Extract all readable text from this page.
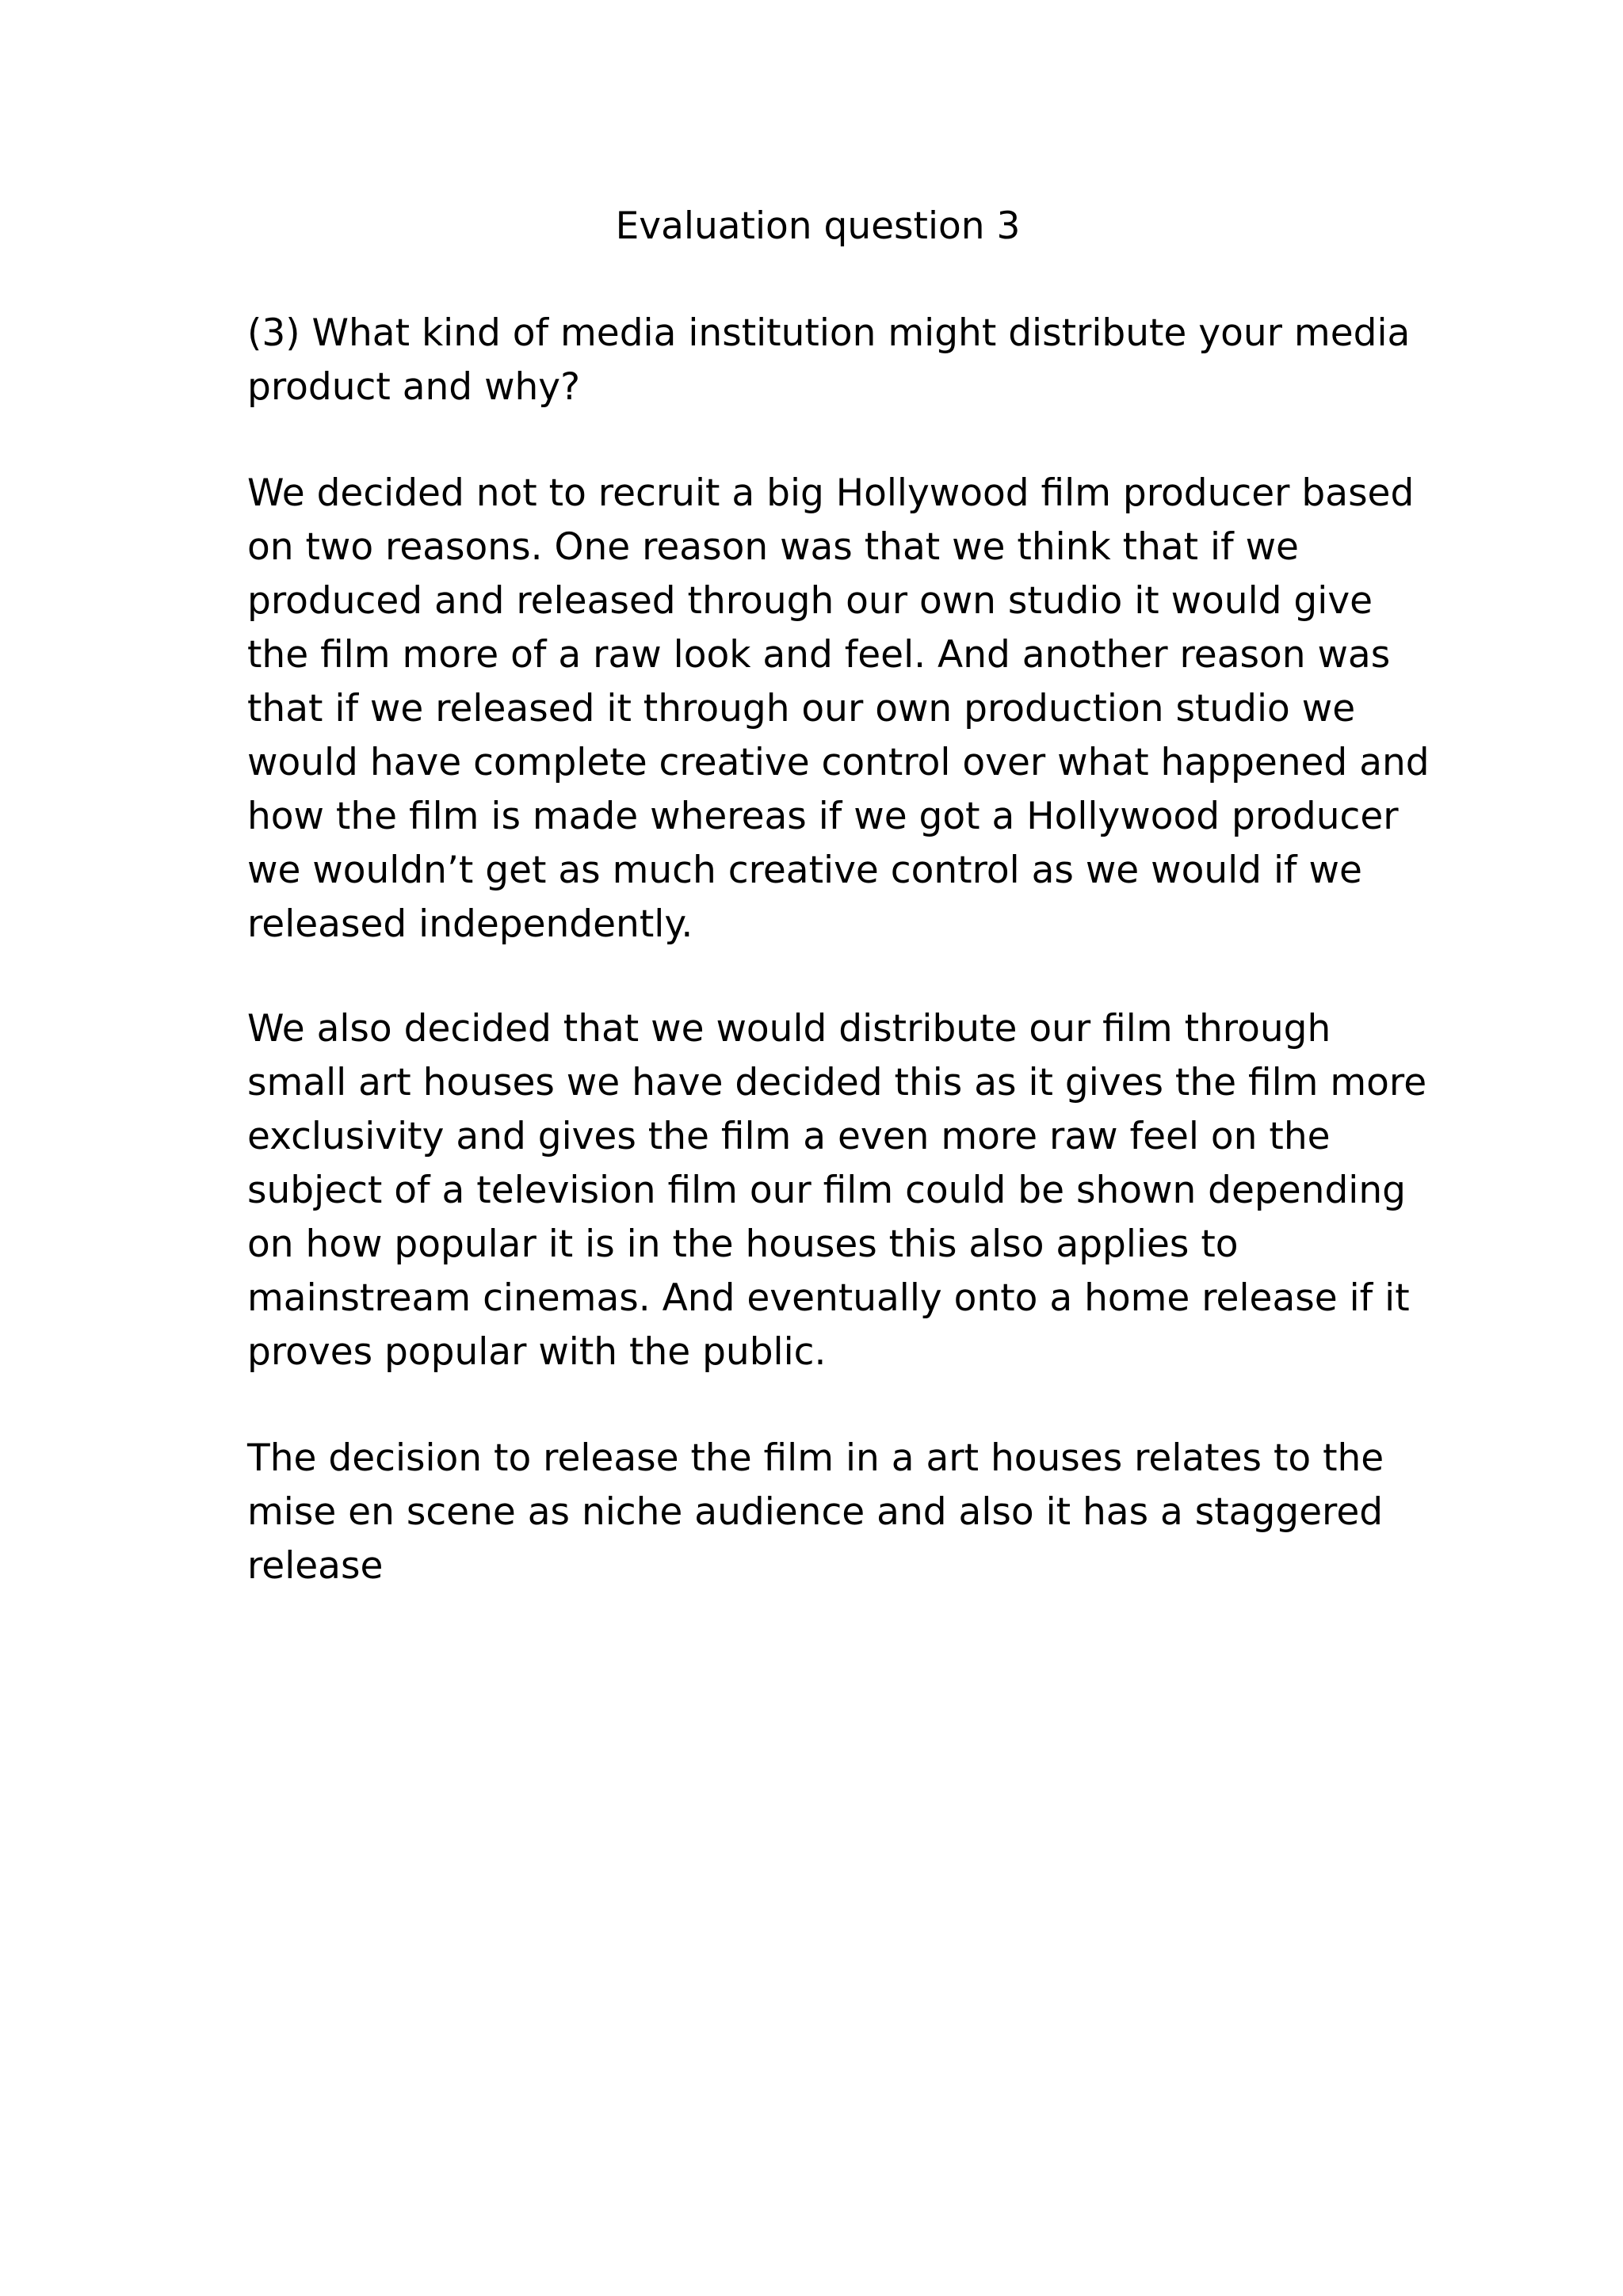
Evaluation question 3
(3) What kind of media institution might distribute your media
product and why?
We decided not to recruit a big Hollywood film producer based
on two reasons. One reason was that we think that if we
produced and released through our own studio it would give
the film more of a raw look and feel. And another reason was
that if we released it through our own production studio we
would have complete creative control over what happened and
how the film is made whereas if we got a Hollywood producer
we wouldn’t get as much creative control as we would if we
released independently.
We also decided that we would distribute our film through
small art houses we have decided this as it gives the film more
exclusivity and gives the film a even more raw feel on the
subject of a television film our film could be shown depending
on how popular it is in the houses this also applies to
mainstream cinemas. And eventually onto a home release if it
proves popular with the public.
The decision to release the film in a art houses relates to the
mise en scene as niche audience and also it has a staggered
release
